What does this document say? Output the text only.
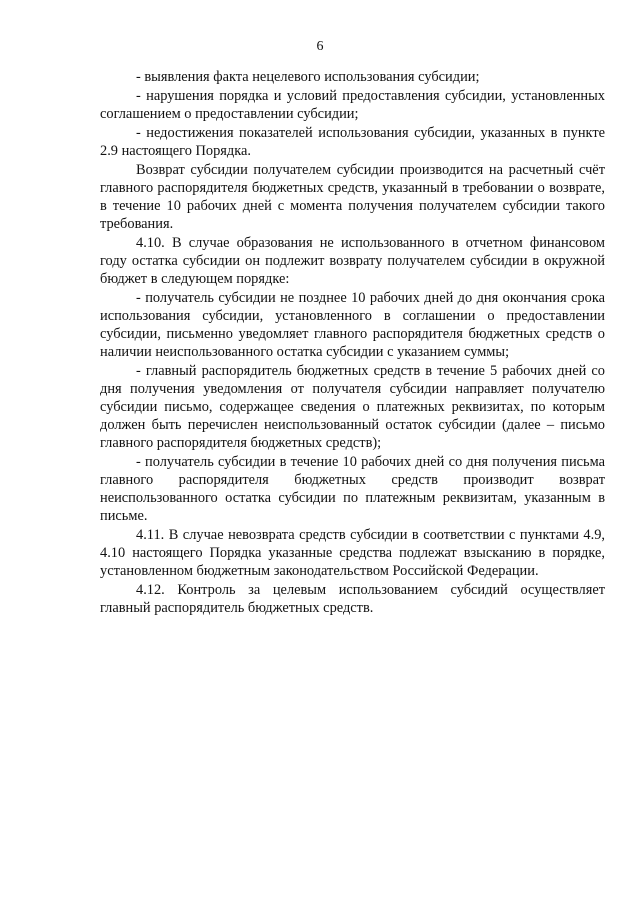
6

- выявления факта нецелевого использования субсидии;

- нарушения порядка и условий предоставления субсидии, установленных соглашением о предоставлении субсидии;

- недостижения показателей использования субсидии, указанных в пункте 2.9 настоящего Порядка.

Возврат субсидии получателем субсидии производится на расчетный счёт главного распорядителя бюджетных средств, указанный в требовании о возврате, в течение 10 рабочих дней с момента получения получателем субсидии такого требования.

4.10. В случае образования не использованного в отчетном финансовом году остатка субсидии он подлежит возврату получателем субсидии в окружной бюджет в следующем порядке:

- получатель субсидии не позднее 10 рабочих дней до дня окончания срока использования субсидии, установленного в соглашении о предоставлении субсидии, письменно уведомляет главного распорядителя бюджетных средств о наличии неиспользованного остатка субсидии с указанием суммы;

- главный распорядитель бюджетных средств в течение 5 рабочих дней со дня получения уведомления от получателя субсидии направляет получателю субсидии письмо, содержащее сведения о платежных реквизитах, по которым должен быть перечислен неиспользованный остаток субсидии (далее – письмо главного распорядителя бюджетных средств);

- получатель субсидии в течение 10 рабочих дней со дня получения письма главного распорядителя бюджетных средств производит возврат неиспользованного остатка субсидии по платежным реквизитам, указанным в письме.

4.11. В случае невозврата средств субсидии в соответствии с пунктами 4.9, 4.10 настоящего Порядка указанные средства подлежат взысканию в порядке, установленном бюджетным законодательством Российской Федерации.

4.12. Контроль за целевым использованием субсидий осуществляет главный распорядитель бюджетных средств.
